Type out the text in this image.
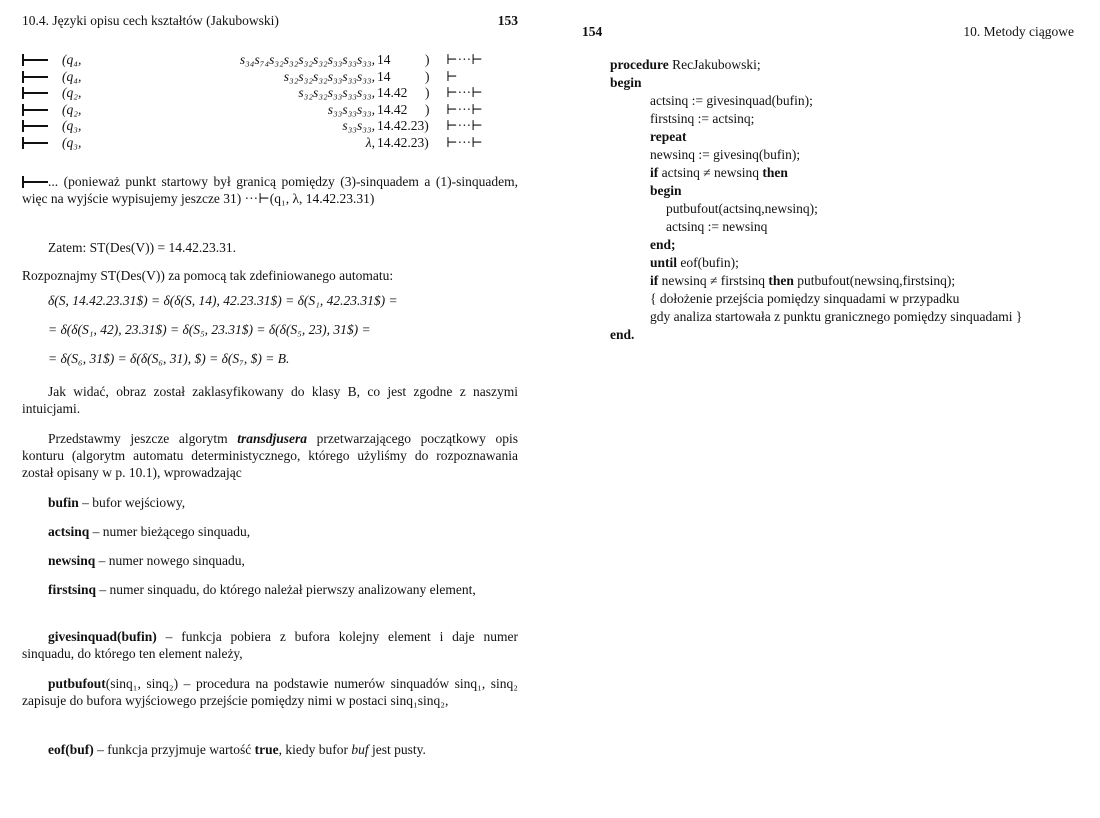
10.4. Języki opisu cech kształtów (Jakubowski)	153
(q₄,	s₃₄s₇₄s₃₂s₃₂s₃₂s₃₂s₃₃s₃₃s₃₃, 14	) ⊢···⊢
(q₄,	s₃₂s₃₂s₃₂s₃₃s₃₃s₃₃, 14	) ⊢
(q₂,	s₃₂s₃₂s₃₃s₃₃s₃₃, 14.42 ) ⊢···⊢
(q₂,	s₃₃s₃₃s₃₃, 14.42 ) ⊢···⊢
(q₃,	s₃₃s₃₃, 14.42.23) ⊢···⊢
(q₃,	λ, 14.42.23) ⊢···⊢
... (ponieważ punkt startowy był granicą pomiędzy (3)-sinquadem a (1)-sinquadem, więc na wyjście wypisujemy jeszcze 31) ···⊢(q₁, λ, 14.42.23.31)
Zatem: ST(Des(V)) = 14.42.23.31.
Rozpoznajmy ST(Des(V)) za pomocą tak zdefiniowanego automatu:
δ(S, 14.42.23.31$) = δ(δ(S, 14), 42.23.31$) = δ(S₁, 42.23.31$) =
= δ(δ(S₁, 42), 23.31$) = δ(S₅, 23.31$) = δ(δ(S₅, 23), 31$) =
= δ(S₆, 31$) = δ(δ(S₆, 31), $) = δ(S₇, $) = B.
Jak widać, obraz został zaklasyfikowany do klasy B, co jest zgodne z naszymi intuicjami.
Przedstawmy jeszcze algorytm transdjusera przetwarzającego początkowy opis konturu (algorytm automatu deterministycznego, którego użyliśmy do rozpoznawania został opisany w p. 10.1), wprowadzając
bufin – bufor wejściowy,
actsinq – numer bieżącego sinquadu,
newsinq – numer nowego sinquadu,
firstsinq – numer sinquadu, do którego należał pierwszy analizowany element,
givesinquad(bufin) – funkcja pobiera z bufora kolejny element i daje numer sinquadu, do którego ten element należy,
putbufout(sinq₁, sinq₂) – procedura na podstawie numerów sinquadów sinq₁, sinq₂ zapisuje do bufora wyjściowego przejście pomiędzy nimi w postaci sinq₁sinq₂,
eof(buf) – funkcja przyjmuje wartość true, kiedy bufor buf jest pusty.
154	10. Metody ciągowe
procedure RecJakubowski;
begin
actsinq := givesinquad(bufin);
firstsinq := actsinq;
repeat
newsinq := givesinq(bufin);
if actsinq ≠ newsinq then
begin
putbufout(actsinq,newsinq);
actsinq := newsinq
end;
until eof(bufin);
if newsinq ≠ firstsinq then putbufout(newsinq,firstsinq);
{ dołożenie przejścia pomiędzy sinquadami w przypadku
gdy analiza startowała z punktu granicznego pomiędzy sinquadami }
end.
